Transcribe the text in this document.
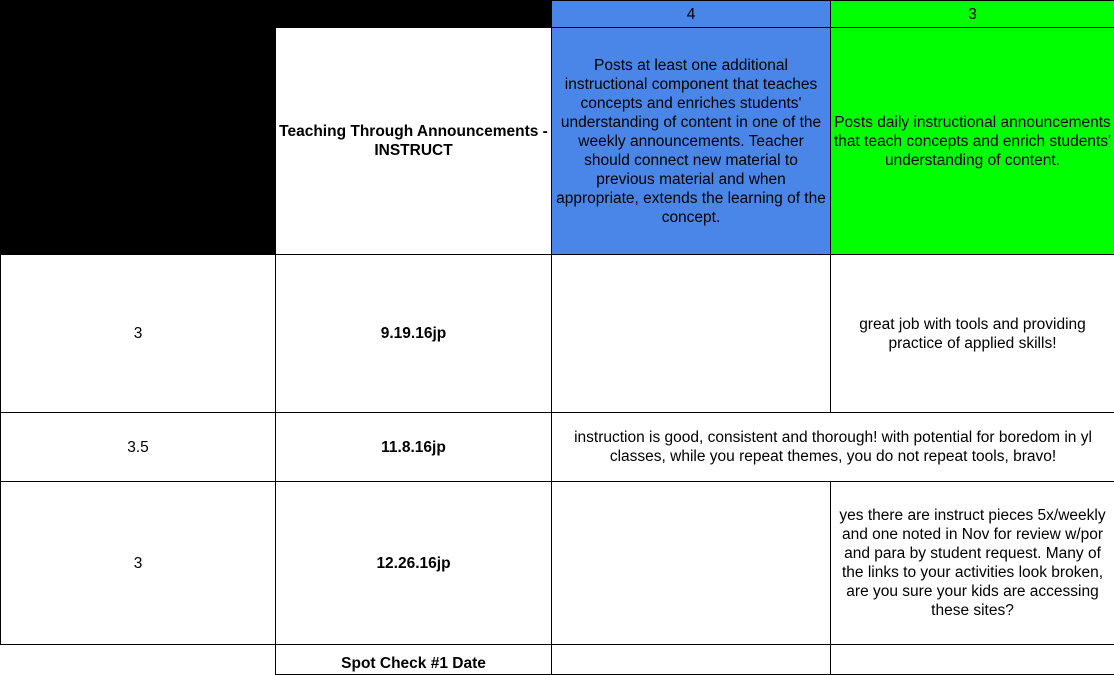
		4	3
	Teaching Through Announcements - INSTRUCT	Posts at least one additional instructional component that teaches concepts and enriches students' understanding of content in one of the weekly announcements. Teacher should connect new material to previous material and when appropriate, extends the learning of the concept.	Posts daily instructional announcements that teach concepts and enrich students' understanding of content.
3	9.19.16jp		great job with tools and providing practice of applied skills!
3.5	11.8.16jp	instruction is good, consistent and thorough! with potential for boredom in yl classes, while you repeat themes, you do not repeat tools, bravo!	
3	12.26.16jp		yes there are instruct pieces 5x/weekly and one noted in Nov for review w/por and para by student request. Many of the links to your activities look broken, are you sure your kids are accessing these sites?

	Spot Check #1 Date		
